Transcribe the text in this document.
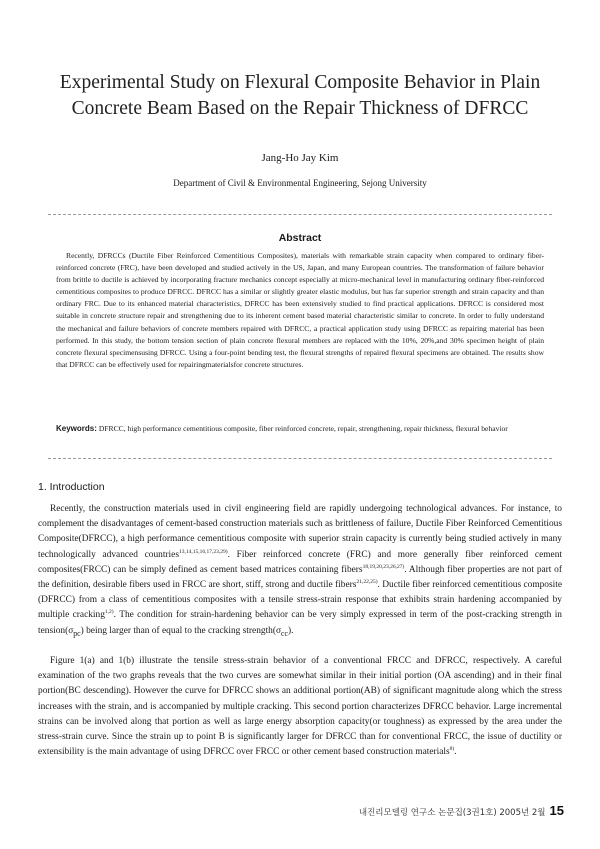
Experimental Study on Flexural Composite Behavior in Plain
Concrete Beam Based on the Repair Thickness of DFRCC
Jang-Ho Jay Kim
Department of Civil & Environmental Engineering, Sejong University
Abstract

Recently, DFRCCs (Ductile Fiber Reinforced Cementitious Composites), materials with remarkable strain capacity when compared to ordinary fiber-reinforced concrete (FRC), have been developed and studied actively in the US, Japan, and many European countries. The transformation of failure behavior from brittle to ductile is achieved by incorporating fracture mechanics concept especially at micro-mechanical level in manufacturing ordinary fiber-reinforced cementitious composites to produce DFRCC. DFRCC has a similar or slightly greater elastic modulus, but has far superior strength and strain capacity and than ordinary FRC. Due to its enhanced material characteristics, DFRCC has been extensively studied to find practical applications. DFRCC is considered most suitable in concrete structure repair and strengthening due to its inherent cement based material characteristic similar to concrete. In order to fully understand the mechanical and failure behaviors of concrete members repaired with DFRCC, a practical application study using DFRCC as repairing material has been performed. In this study, the bottom tension section of plain concrete flexural members are replaced with the 10%, 20%,and 30% specimen height of plain concrete flexural specimensusing DFRCC. Using a four-point bending test, the flexural strengths of repaired flexural specimens are obtained. The results show that DFRCC can be effectively used for repairingmaterialsfor concrete structures.

Keywords: DFRCC, high performance cementitious composite, fiber reinforced concrete, repair, strengthening, repair thickness, flexural behavior

1. Introduction

Recently, the construction materials used in civil engineering field are rapidly undergoing technological advances. For instance, to complement the disadvantages of cement-based construction materials such as brittleness of failure, Ductile Fiber Reinforced Cementitious Composite(DFRCC), a high performance cementitious composite with superior strain capacity is currently being studied actively in many technologically advanced countries$^{13,14,15,16,17,23,29)}$. Fiber reinforced concrete (FRC) and more generally fiber reinforced cement composites(FRCC) can be simply defined as cement based matrices containing fibers$^{18,19,20,23,26,27)}$. Although fiber properties are not part of the definition, desirable fibers used in FRCC are short, stiff, strong and ductile fibers$^{21,22,25)}$. Ductile fiber reinforced cementitious composite (DFRCC) from a class of cementitious composites with a tensile stress-strain response that exhibits strain hardening accompanied by multiple cracking$^{1,2)}$. The condition for strain-hardening behavior can be very simply expressed in term of the post-cracking strength in $tension(\sigma_{pc})$ being larger than of equal to the cracking $strength(\sigma_{cc})$.

Figure 1(a) and 1(b) illustrate the tensile stress-strain behavior of a conventional FRCC and DFRCC, respectively. A careful examination of the two graphs reveals that the two curves are somewhat similar in their initial portion (OA ascending) and in their final portion(BC descending). However the curve for DFRCC shows an additional portion(AB) of significant magnitude along which the stress increases with the strain, and is accompanied by multiple cracking. This second portion characterizes DFRCC behavior. Large incremental strains can be involved along that portion as well as large energy absorption capacity(or toughness) as expressed by the area under the stress-strain curve. Since the strain up to point B is significantly larger for DFRCC than for conventional FRCC, the issue of ductility or extensibility is the main advantage of using DFRCC over FRCC or other cement based construction materials$^{8)}$.

내진리모델링 연구소 논문집(3권1호) 2005년 2월 15
